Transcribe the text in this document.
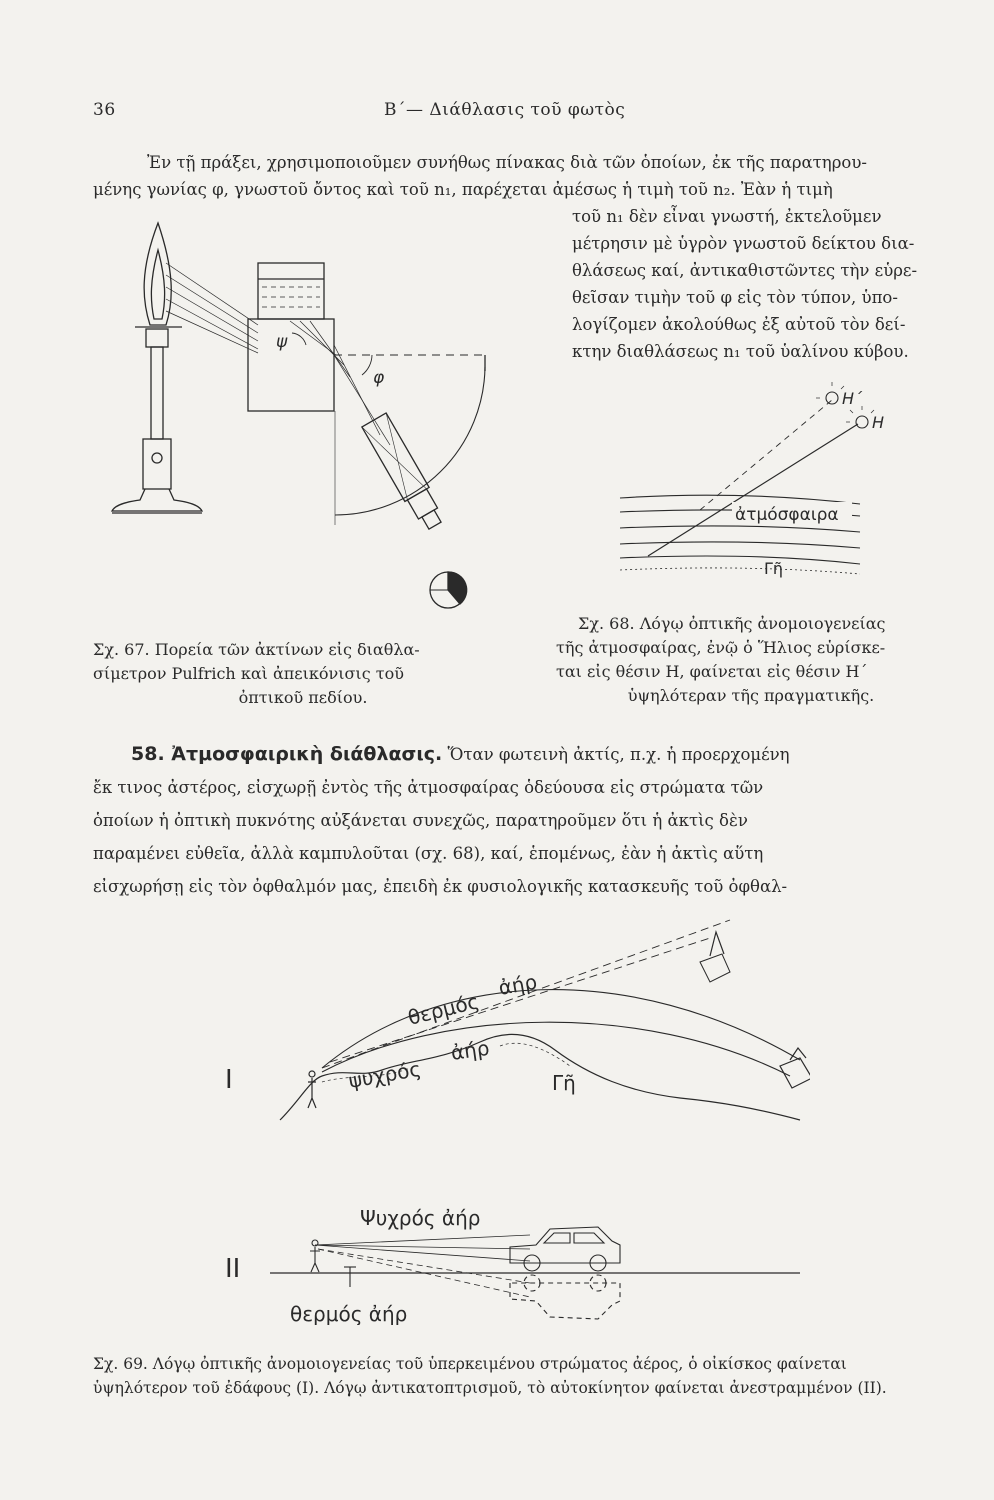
36	Β΄— Διάθλασις τοῦ φωτὸς

Ἐν τῇ πράξει, χρησιμοποιοῦμεν συνήθως πίνακας διὰ τῶν ὁποίων, ἐκ τῆς παρατηρου-

μένης γωνίας φ, γνωστοῦ ὄντος καὶ τοῦ n₁, παρέχεται ἀμέσως ἡ τιμὴ τοῦ n₂. Ἐὰν ἡ τιμὴ

τοῦ n₁ δὲν εἶναι γνωστή, ἐκτελοῦμεν

μέτρησιν μὲ ὑγρὸν γνωστοῦ δείκτου δια-

θλάσεως καί, ἀντικαθιστῶντες τὴν εὑρε-

θεῖσαν τιμὴν τοῦ φ εἰς τὸν τύπον, ὑπο-

λογίζομεν ἀκολούθως ἐξ αὐτοῦ τὸν δεί-

κτην διαθλάσεως n₁ τοῦ ὑαλίνου κύβου.

ψ
φ
Σχ. 67. Πορεία τῶν ἀκτίνων εἰς διαθλα-
σίμετρον Pulfrich καὶ ἀπεικόνισις τοῦ
ὀπτικοῦ πεδίου.
ἀτμόσφαιρα
Η΄
Η
Γῆ
Σχ. 68. Λόγῳ ὀπτικῆς ἀνομοιογενείας
τῆς ἀτμοσφαίρας, ἐνῷ ὁ Ἥλιος εὑρίσκε-
ται εἰς θέσιν Η, φαίνεται εἰς θέσιν Η΄
ὑψηλότεραν τῆς πραγματικῆς.
58. Ἀτμοσφαιρικὴ διάθλασις. Ὅταν φωτεινὴ ἀκτίς, π.χ. ἡ προερχομένη
ἔκ τινος ἀστέρος, εἰσχωρῇ ἐντὸς τῆς ἀτμοσφαίρας ὁδεύουσα εἰς στρώματα τῶν
ὁποίων ἡ ὀπτικὴ πυκνότης αὐξάνεται συνεχῶς, παρατηροῦμεν ὅτι ἡ ἀκτὶς δὲν
παραμένει εὐθεῖα, ἀλλὰ καμπυλοῦται (σχ. 68), καί, ἑπομένως, ἐὰν ἡ ἀκτὶς αὕτη
εἰσχωρήσῃ εἰς τὸν ὀφθαλμόν μας, ἐπειδὴ ἐκ φυσιολογικῆς κατασκευῆς τοῦ ὀφθαλ-
I
θερμός
ἀήρ
ψυχρός
ἀήρ
Γῆ
II
Ψυχρός ἀήρ
θερμός ἀήρ
Σχ. 69. Λόγῳ ὀπτικῆς ἀνομοιογενείας τοῦ ὑπερκειμένου στρώματος ἀέρος, ὁ οἰκίσκος φαίνεται
ὑψηλότερον τοῦ ἐδάφους (Ι). Λόγῳ ἀντικατοπτρισμοῦ, τὸ αὐτοκίνητον φαίνεται ἀνεστραμμένον (ΙΙ).
